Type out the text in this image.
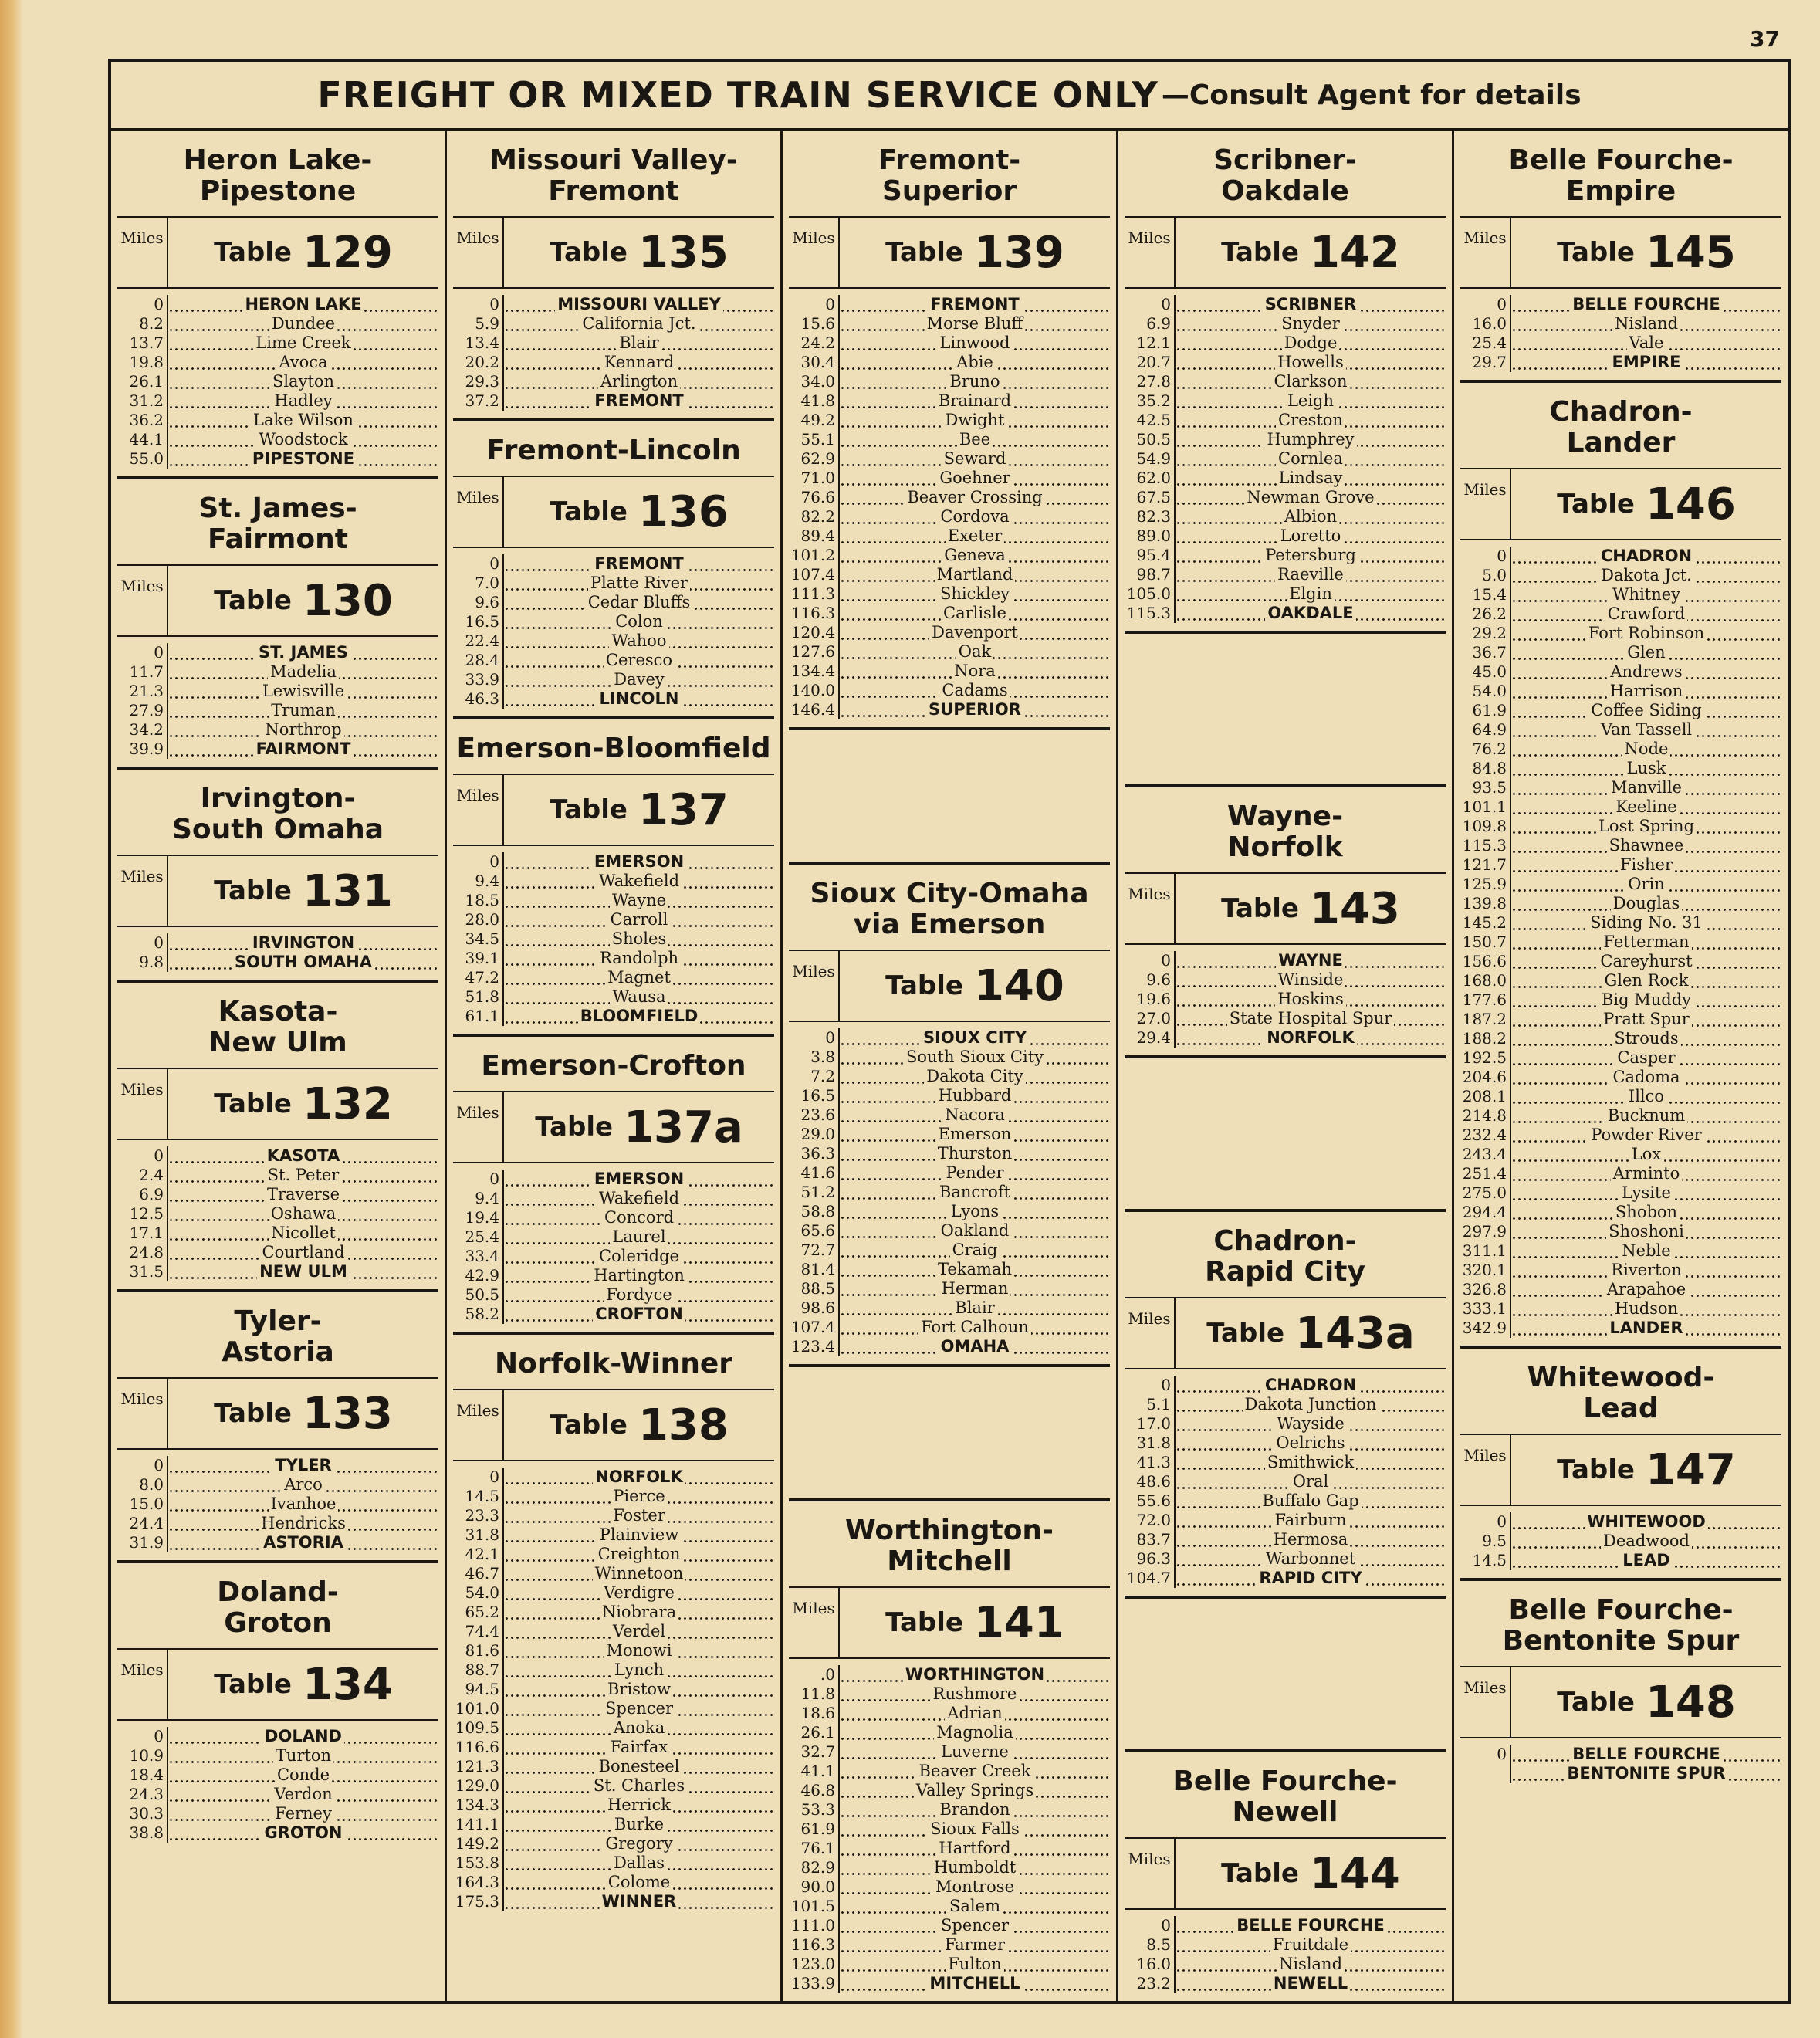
37
FREIGHT OR MIXED TRAIN SERVICE ONLY —Consult Agent for details
Heron Lake-
Pipestone
Miles Table 129
0
8.2
13.7
19.8
26.1
31.2
36.2
44.1
55.0
HERON LAKE
Dundee
Lime Creek
Avoca
Slayton
Hadley
Lake Wilson
Woodstock
PIPESTONE
St. James-
Fairmont
Miles Table 130
0
11.7
21.3
27.9
34.2
39.9
ST. JAMES
Madelia
Lewisville
Truman
Northrop
FAIRMONT
Irvington-
South Omaha
Miles Table 131
0
9.8
IRVINGTON
SOUTH OMAHA
Kasota-
New Ulm
Miles Table 132
0
2.4
6.9
12.5
17.1
24.8
31.5
KASOTA
St. Peter
Traverse
Oshawa
Nicollet
Courtland
NEW ULM
Tyler-
Astoria
Miles Table 133
0
8.0
15.0
24.4
31.9
TYLER
Arco
Ivanhoe
Hendricks
ASTORIA
Doland-
Groton
Miles Table 134
0
10.9
18.4
24.3
30.3
38.8
DOLAND
Turton
Conde
Verdon
Ferney
GROTON
Missouri Valley-
Fremont
Miles Table 135
0
5.9
13.4
20.2
29.3
37.2
MISSOURI VALLEY
California Jct.
Blair
Kennard
Arlington
FREMONT
Fremont-Lincoln
Miles Table 136
0
7.0
9.6
16.5
22.4
28.4
33.9
46.3
FREMONT
Platte River
Cedar Bluffs
Colon
Wahoo
Ceresco
Davey
LINCOLN
Emerson-Bloomfield
Miles Table 137
0
9.4
18.5
28.0
34.5
39.1
47.2
51.8
61.1
EMERSON
Wakefield
Wayne
Carroll
Sholes
Randolph
Magnet
Wausa
BLOOMFIELD
Emerson-Crofton
Miles Table 137a
0
9.4
19.4
25.4
33.4
42.9
50.5
58.2
EMERSON
Wakefield
Concord
Laurel
Coleridge
Hartington
Fordyce
CROFTON
Norfolk-Winner
Miles Table 138
0
14.5
23.3
31.8
42.1
46.7
54.0
65.2
74.4
81.6
88.7
94.5
101.0
109.5
116.6
121.3
129.0
134.3
141.1
149.2
153.8
164.3
175.3
NORFOLK
Pierce
Foster
Plainview
Creighton
Winnetoon
Verdigre
Niobrara
Verdel
Monowi
Lynch
Bristow
Spencer
Anoka
Fairfax
Bonesteel
St. Charles
Herrick
Burke
Gregory
Dallas
Colome
WINNER
Fremont-
Superior
Miles Table 139
0
15.6
24.2
30.4
34.0
41.8
49.2
55.1
62.9
71.0
76.6
82.2
89.4
101.2
107.4
111.3
116.3
120.4
127.6
134.4
140.0
146.4
FREMONT
Morse Bluff
Linwood
Abie
Bruno
Brainard
Dwight
Bee
Seward
Goehner
Beaver Crossing
Cordova
Exeter
Geneva
Martland
Shickley
Carlisle
Davenport
Oak
Nora
Cadams
SUPERIOR
Sioux City-Omaha
via Emerson
Miles Table 140
0
3.8
7.2
16.5
23.6
29.0
36.3
41.6
51.2
58.8
65.6
72.7
81.4
88.5
98.6
107.4
123.4
SIOUX CITY
South Sioux City
Dakota City
Hubbard
Nacora
Emerson
Thurston
Pender
Bancroft
Lyons
Oakland
Craig
Tekamah
Herman
Blair
Fort Calhoun
OMAHA
Worthington-
Mitchell
Miles Table 141
.0
11.8
18.6
26.1
32.7
41.1
46.8
53.3
61.9
76.1
82.9
90.0
101.5
111.0
116.3
123.0
133.9
WORTHINGTON
Rushmore
Adrian
Magnolia
Luverne
Beaver Creek
Valley Springs
Brandon
Sioux Falls
Hartford
Humboldt
Montrose
Salem
Spencer
Farmer
Fulton
MITCHELL
Scribner-
Oakdale
Miles Table 142
0
6.9
12.1
20.7
27.8
35.2
42.5
50.5
54.9
62.0
67.5
82.3
89.0
95.4
98.7
105.0
115.3
SCRIBNER
Snyder
Dodge
Howells
Clarkson
Leigh
Creston
Humphrey
Cornlea
Lindsay
Newman Grove
Albion
Loretto
Petersburg
Raeville
Elgin
OAKDALE
Wayne-
Norfolk
Miles Table 143
0
9.6
19.6
27.0
29.4
WAYNE
Winside
Hoskins
State Hospital Spur
NORFOLK
Chadron-
Rapid City
Miles Table 143a
0
5.1
17.0
31.8
41.3
48.6
55.6
72.0
83.7
96.3
104.7
CHADRON
Dakota Junction
Wayside
Oelrichs
Smithwick
Oral
Buffalo Gap
Fairburn
Hermosa
Warbonnet
RAPID CITY
Belle Fourche-
Newell
Miles Table 144
0
8.5
16.0
23.2
BELLE FOURCHE
Fruitdale
Nisland
NEWELL
Belle Fourche-
Empire
Miles Table 145
0
16.0
25.4
29.7
BELLE FOURCHE
Nisland
Vale
EMPIRE
Chadron-
Lander
Miles Table 146
0
5.0
15.4
26.2
29.2
36.7
45.0
54.0
61.9
64.9
76.2
84.8
93.5
101.1
109.8
115.3
121.7
125.9
139.8
145.2
150.7
156.6
168.0
177.6
187.2
188.2
192.5
204.6
208.1
214.8
232.4
243.4
251.4
275.0
294.4
297.9
311.1
320.1
326.8
333.1
342.9
CHADRON
Dakota Jct.
Whitney
Crawford
Fort Robinson
Glen
Andrews
Harrison
Coffee Siding
Van Tassell
Node
Lusk
Manville
Keeline
Lost Spring
Shawnee
Fisher
Orin
Douglas
Siding No. 31
Fetterman
Careyhurst
Glen Rock
Big Muddy
Pratt Spur
Strouds
Casper
Cadoma
Illco
Bucknum
Powder River
Lox
Arminto
Lysite
Shobon
Shoshoni
Neble
Riverton
Arapahoe
Hudson
LANDER
Whitewood-
Lead
Miles Table 147
0
9.5
14.5
WHITEWOOD
Deadwood
LEAD
Belle Fourche-
Bentonite Spur
Miles Table 148
0	BELLE FOURCHE
BENTONITE SPUR
